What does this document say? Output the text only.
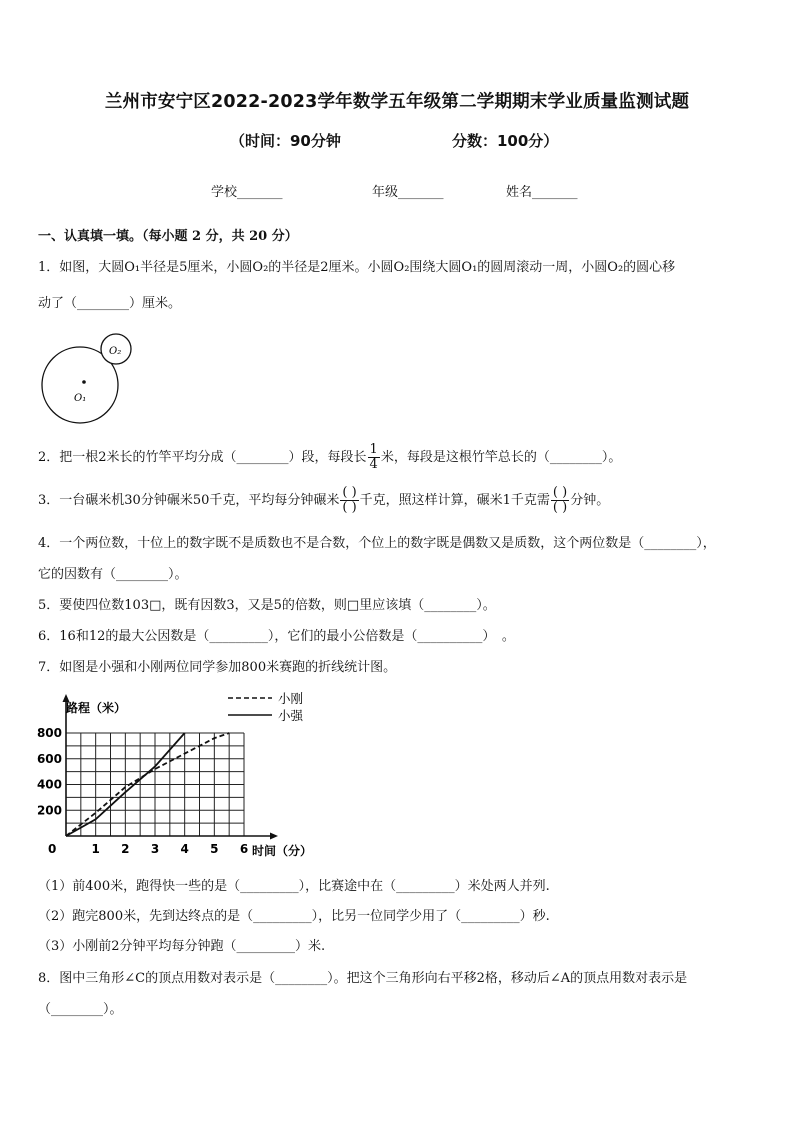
兰州市安宁区2022-2023学年数学五年级第二学期期末学业质量监测试题
（时间：90分钟	分数：100分）
学校_______	年级_______	姓名_______
一、认真填一填。（每小题 2 分，共 20 分）
1．如图，大圆O₁半径是5厘米，小圆O₂的半径是2厘米。小圆O₂围绕大圆O₁的圆周滚动一周，小圆O₂的圆心移
动了（________）厘米。
O₁
O₂
2．把一根2米长的竹竿平均分成（________）段，每段长 $\frac{1}{4}$ 米，每段是这根竹竿总长的（________）。
3．一台碾米机30分钟碾米50千克，平均每分钟碾米 $\frac{( )}{( )}$ 千克，照这样计算，碾米1千克需 $\frac{( )}{( )}$ 分钟。
4．一个两位数，十位上的数字既不是质数也不是合数，个位上的数字既是偶数又是质数，这个两位数是（________），
它的因数有（________）。
5．要使四位数103□，既有因数3，又是5的倍数，则□里应该填（________）。
6．16和12的最大公因数是（_________），它们的最小公倍数是（__________）　。
7．如图是小强和小刚两位同学参加800米赛跑的折线统计图。
1 2 3 4 5 6
200
400
600
800
路程（米）
时间（分）
0
小刚
小强
（1）前400米，跑得快一些的是（_________），比赛途中在（_________）米处两人并列.
（2）跑完800米，先到达终点的是（_________），比另一位同学少用了（_________）秒.
（3）小刚前2分钟平均每分钟跑（_________）米.
8．图中三角形∠C的顶点用数对表示是（________）。把这个三角形向右平移2格，移动后∠A的顶点用数对表示是
（________）。
